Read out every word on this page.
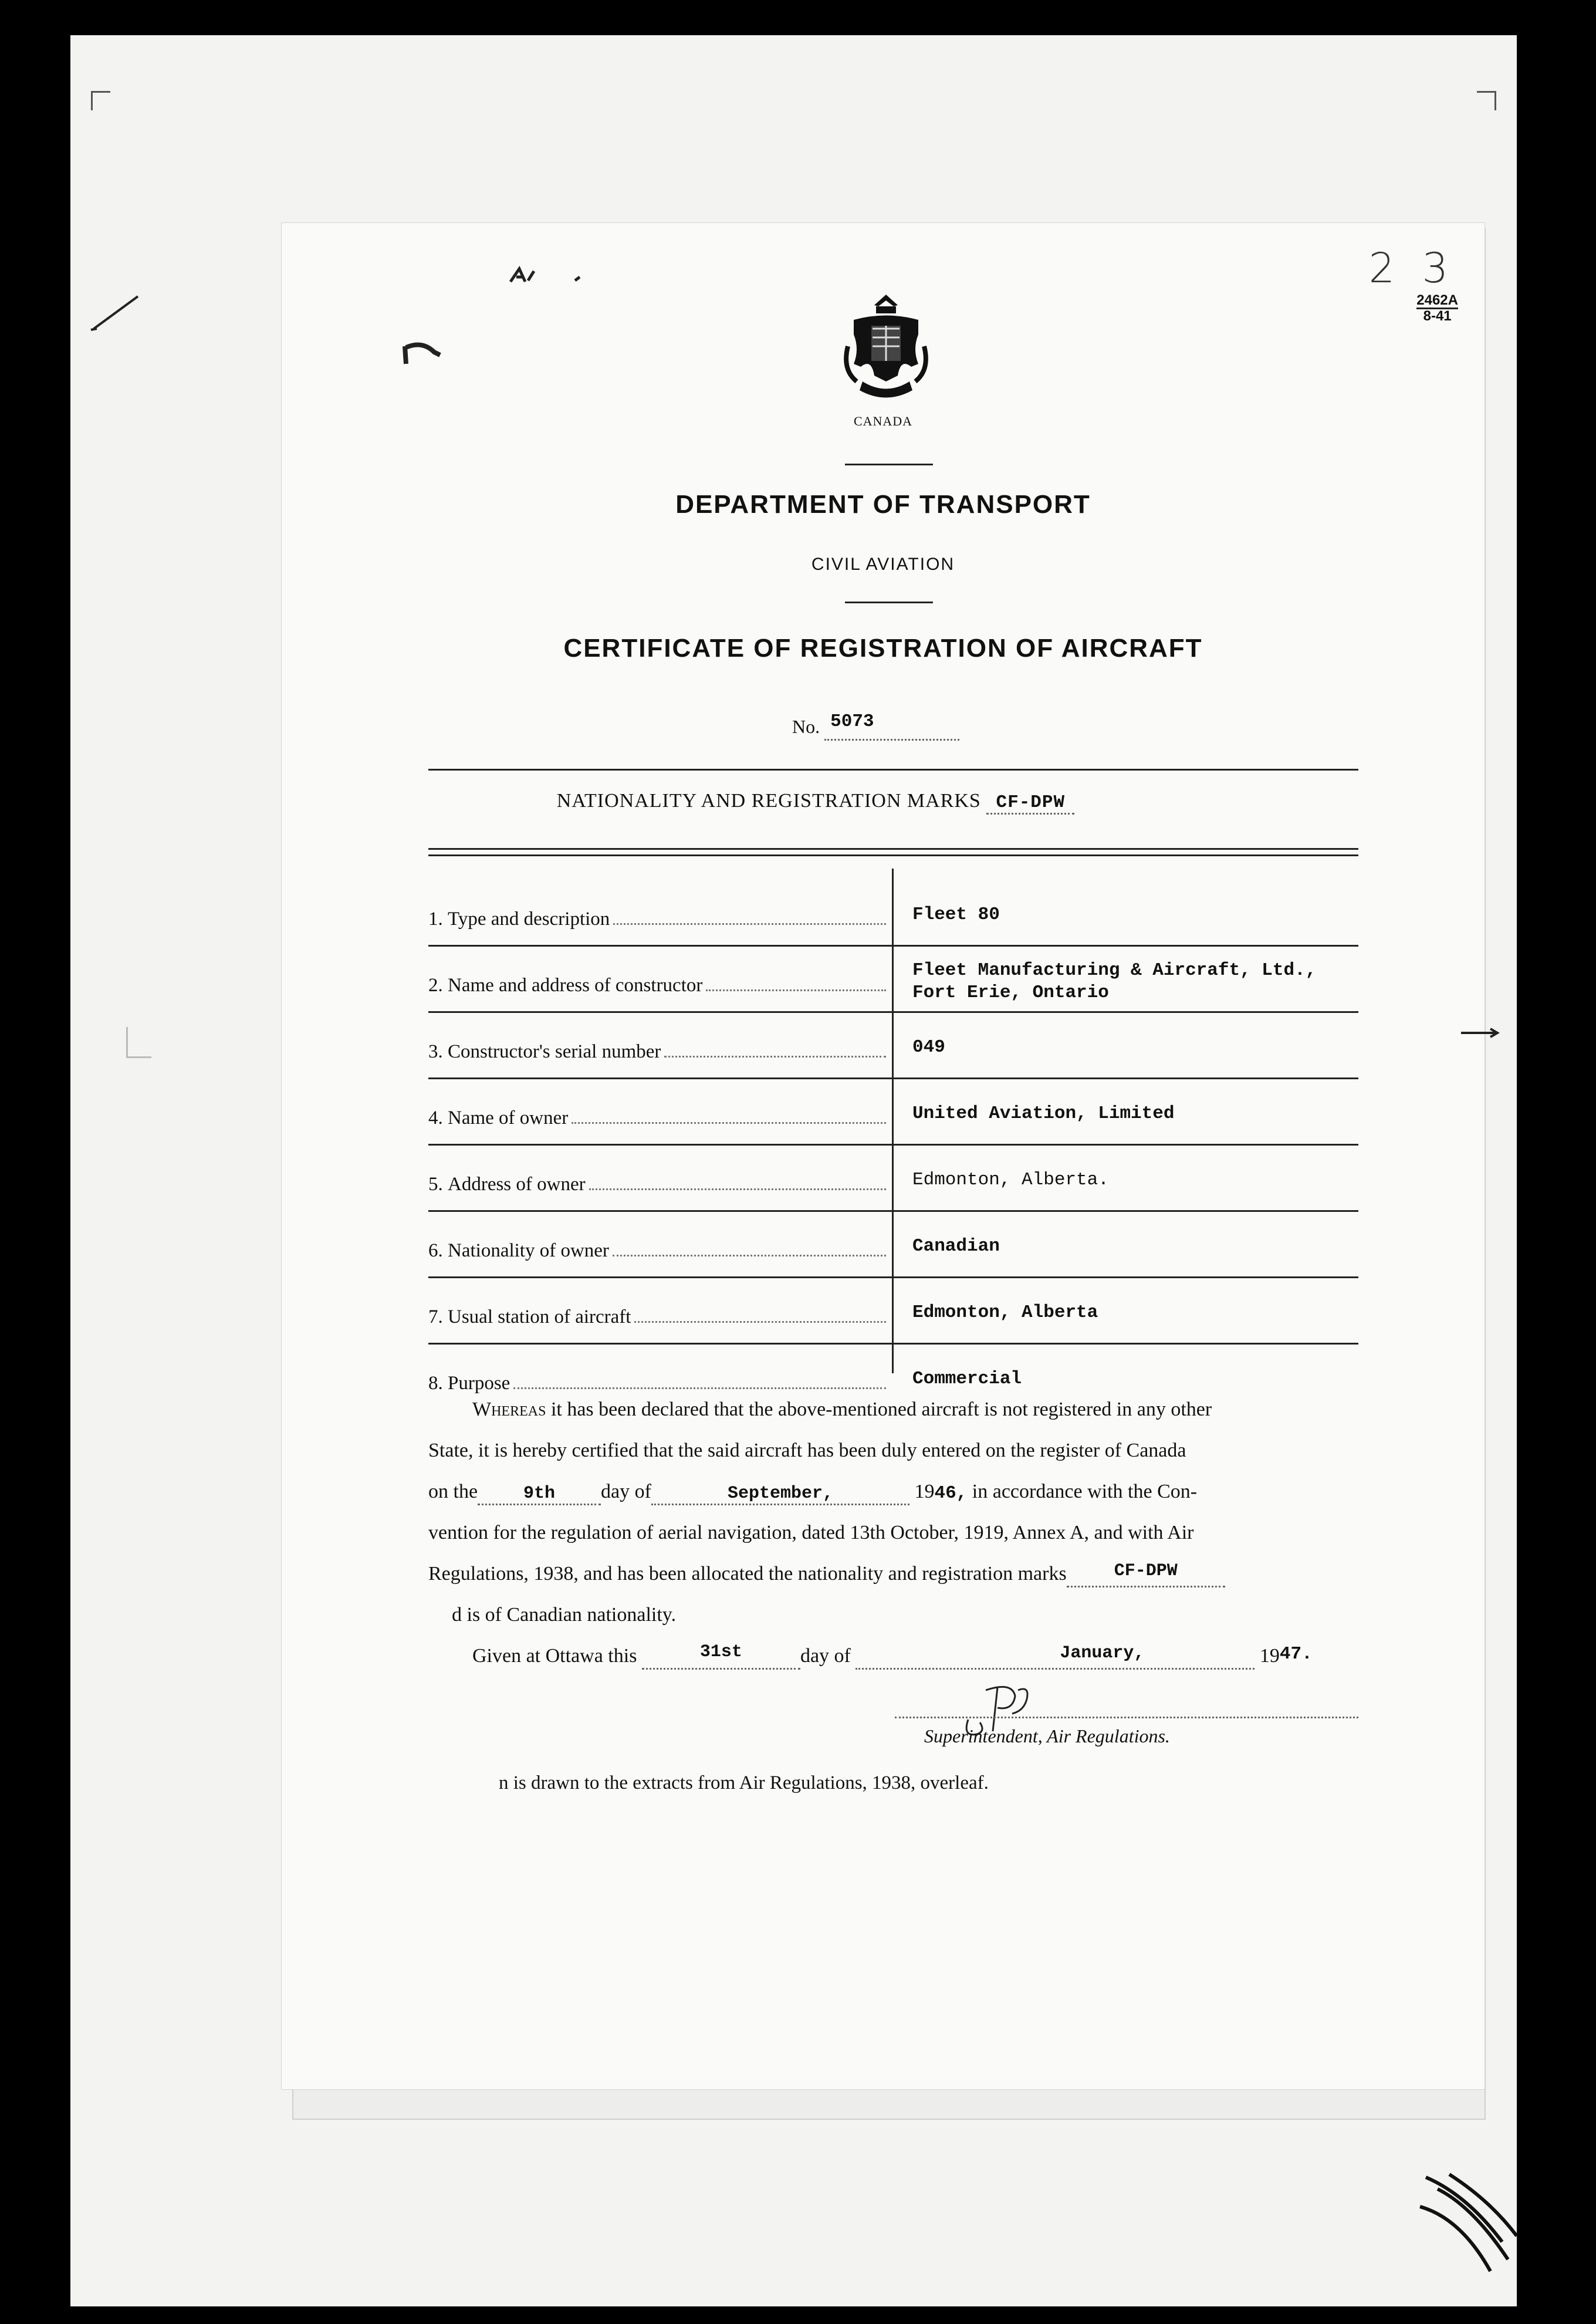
2 3
2462A
8-41
CANADA
DEPARTMENT OF TRANSPORT
CIVIL AVIATION
CERTIFICATE OF REGISTRATION OF AIRCRAFT
No. 5073
NATIONALITY AND REGISTRATION MARKS CF-DPW
1.
Type and description	Fleet 80
2.
Name and address of constructor
Fleet Manufacturing & Aircraft, Ltd.,
Fort Erie, Ontario
3.
Constructor's serial number	049
4.
Name of owner	United Aviation, Limited
5.
Address of owner	Edmonton, Alberta.
6.
Nationality of owner	Canadian
7.
Usual station of aircraft	Edmonton, Alberta
8.
Purpose	Commercial
Whereas it has been declared that the above-mentioned aircraft is not registered in any other
State, it is hereby certified that the said aircraft has been duly entered on the register of Canada
on the	9th day of	September,	1946, in accordance with the Con-
vention for the regulation of aerial navigation, dated 13th October, 1919, Annex A, and with Air
Regulations, 1938, and has been allocated the nationality and registration marks	CF-DPW
d is of Canadian nationality.
Given at Ottawa this	31st	day of	January,	1947.
Superintendent, Air Regulations.
n is drawn to the extracts from Air Regulations, 1938, overleaf.
